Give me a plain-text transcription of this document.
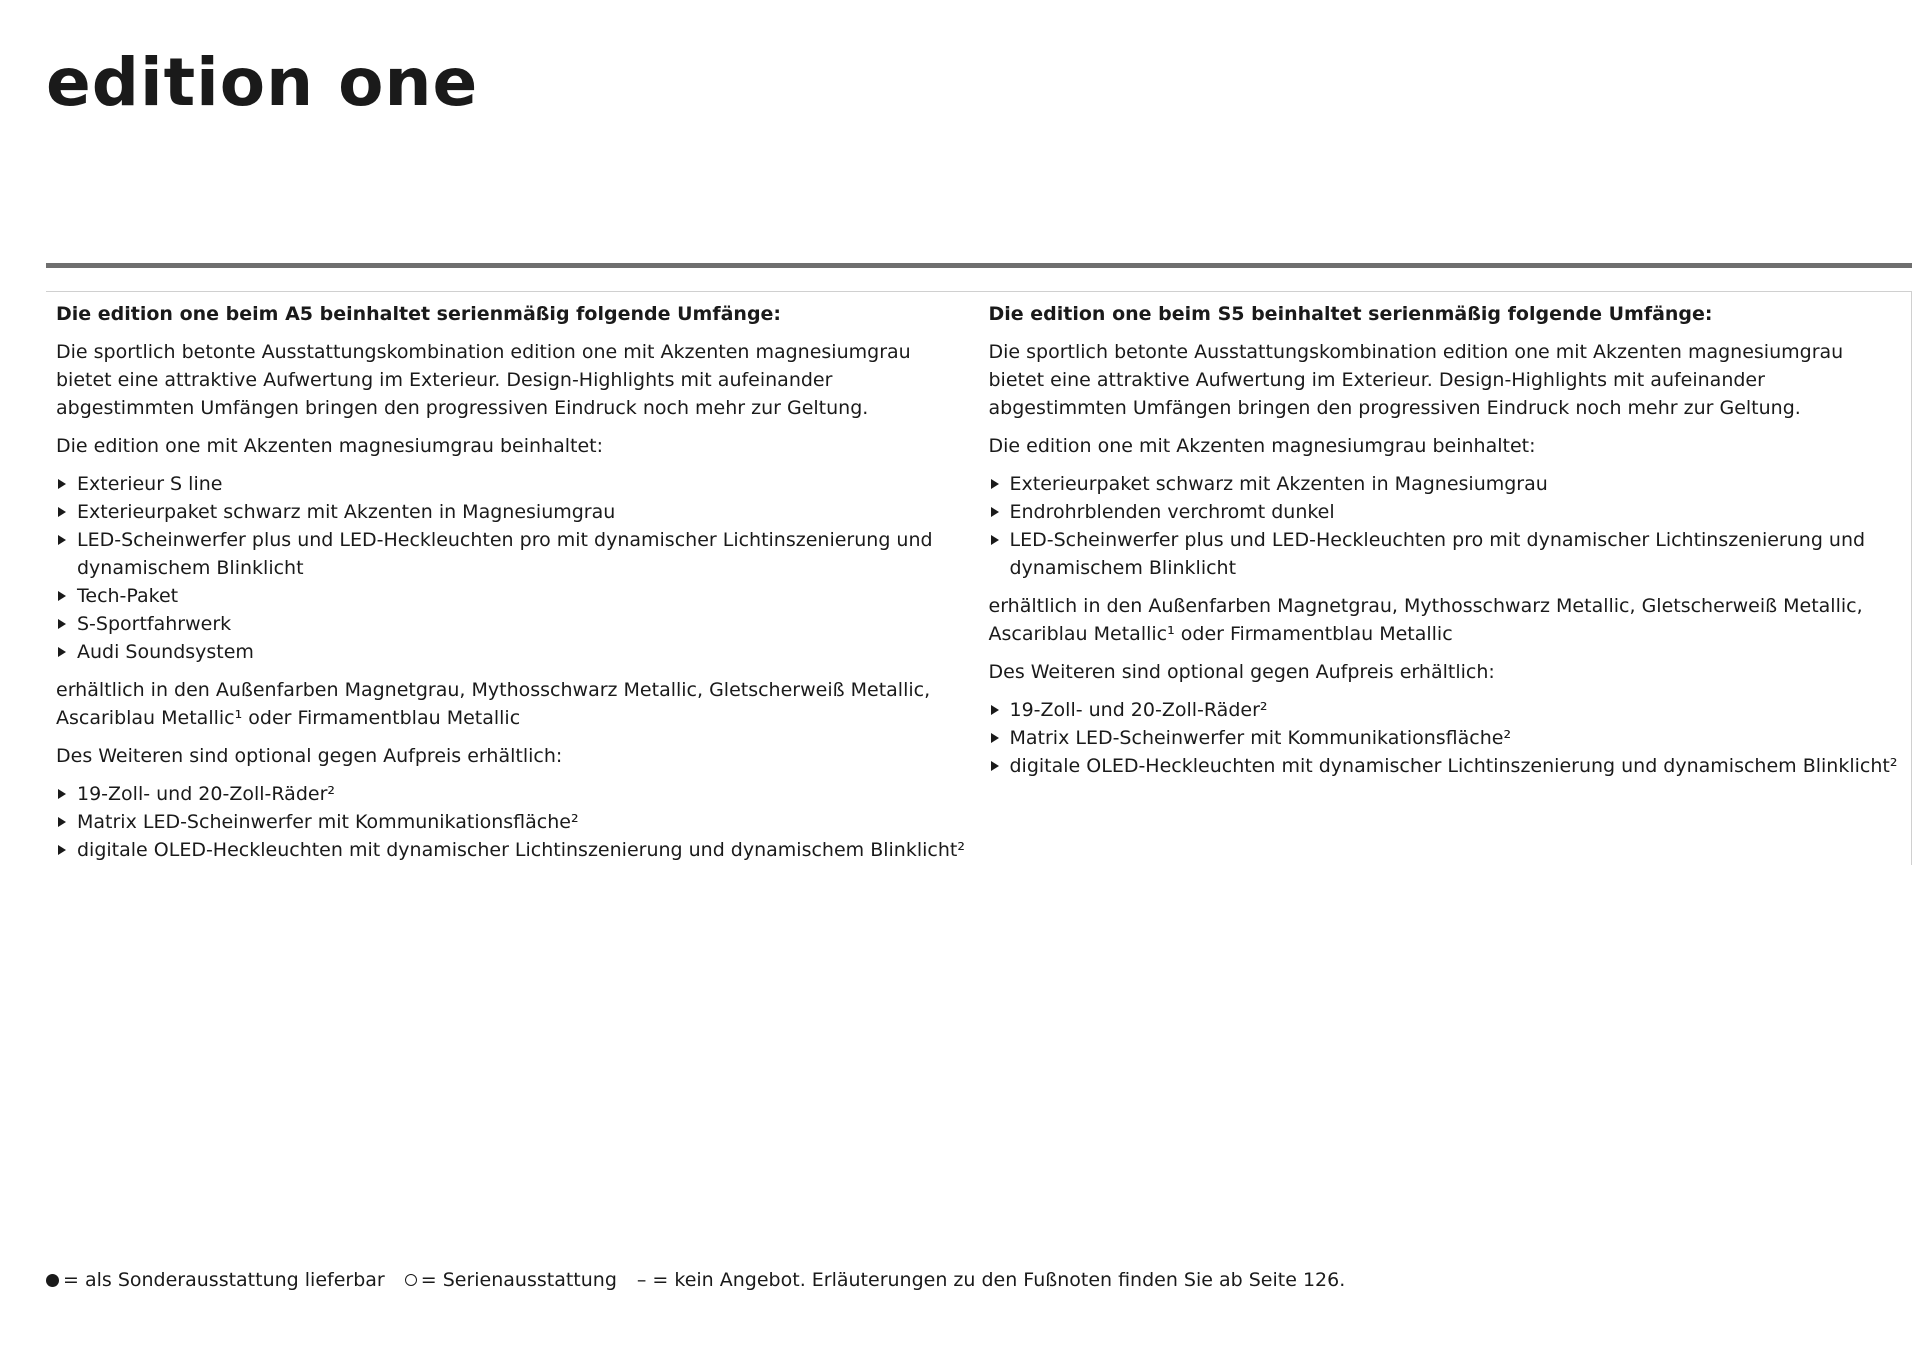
edition one

Die edition one beim A5 beinhaltet serienmäßig folgende Umfänge:

Die sportlich betonte Ausstattungskombination edition one mit Akzenten magnesiumgrau bietet eine attraktive Aufwertung im Exterieur. Design-Highlights mit aufeinander abgestimmten Umfängen bringen den progressiven Eindruck noch mehr zur Geltung.

Die edition one mit Akzenten magnesiumgrau beinhaltet:

Exterieur S line
Exterieurpaket schwarz mit Akzenten in Magnesiumgrau
LED-Scheinwerfer plus und LED-Heckleuchten pro mit dynamischer Lichtinszenierung und dynamischem Blinklicht
Tech-Paket
S-Sportfahrwerk
Audi Soundsystem

erhältlich in den Außenfarben Magnetgrau, Mythosschwarz Metallic, Gletscherweiß Metallic, Ascariblau Metallic¹ oder Firmamentblau Metallic

Des Weiteren sind optional gegen Aufpreis erhältlich:

19-Zoll- und 20-Zoll-Räder²
Matrix LED-Scheinwerfer mit Kommunikationsfläche²
digitale OLED-Heckleuchten mit dynamischer Lichtinszenierung und dynamischem Blinklicht²

Die edition one beim S5 beinhaltet serienmäßig folgende Umfänge:

Die sportlich betonte Ausstattungskombination edition one mit Akzenten magnesiumgrau bietet eine attraktive Aufwertung im Exterieur. Design-Highlights mit aufeinander abgestimmten Umfängen bringen den progressiven Eindruck noch mehr zur Geltung.

Die edition one mit Akzenten magnesiumgrau beinhaltet:

Exterieurpaket schwarz mit Akzenten in Magnesiumgrau
Endrohrblenden verchromt dunkel
LED-Scheinwerfer plus und LED-Heckleuchten pro mit dynamischer Lichtinszenierung und dynamischem Blinklicht

erhältlich in den Außenfarben Magnetgrau, Mythosschwarz Metallic, Gletscherweiß Metallic, Ascariblau Metallic¹ oder Firmamentblau Metallic

Des Weiteren sind optional gegen Aufpreis erhältlich:

19-Zoll- und 20-Zoll-Räder²
Matrix LED-Scheinwerfer mit Kommunikationsfläche²
digitale OLED-Heckleuchten mit dynamischer Lichtinszenierung und dynamischem Blinklicht²
= als Sonderausstattung lieferbar = Serienausstattung – = kein Angebot. Erläuterungen zu den Fußnoten finden Sie ab Seite 126.
